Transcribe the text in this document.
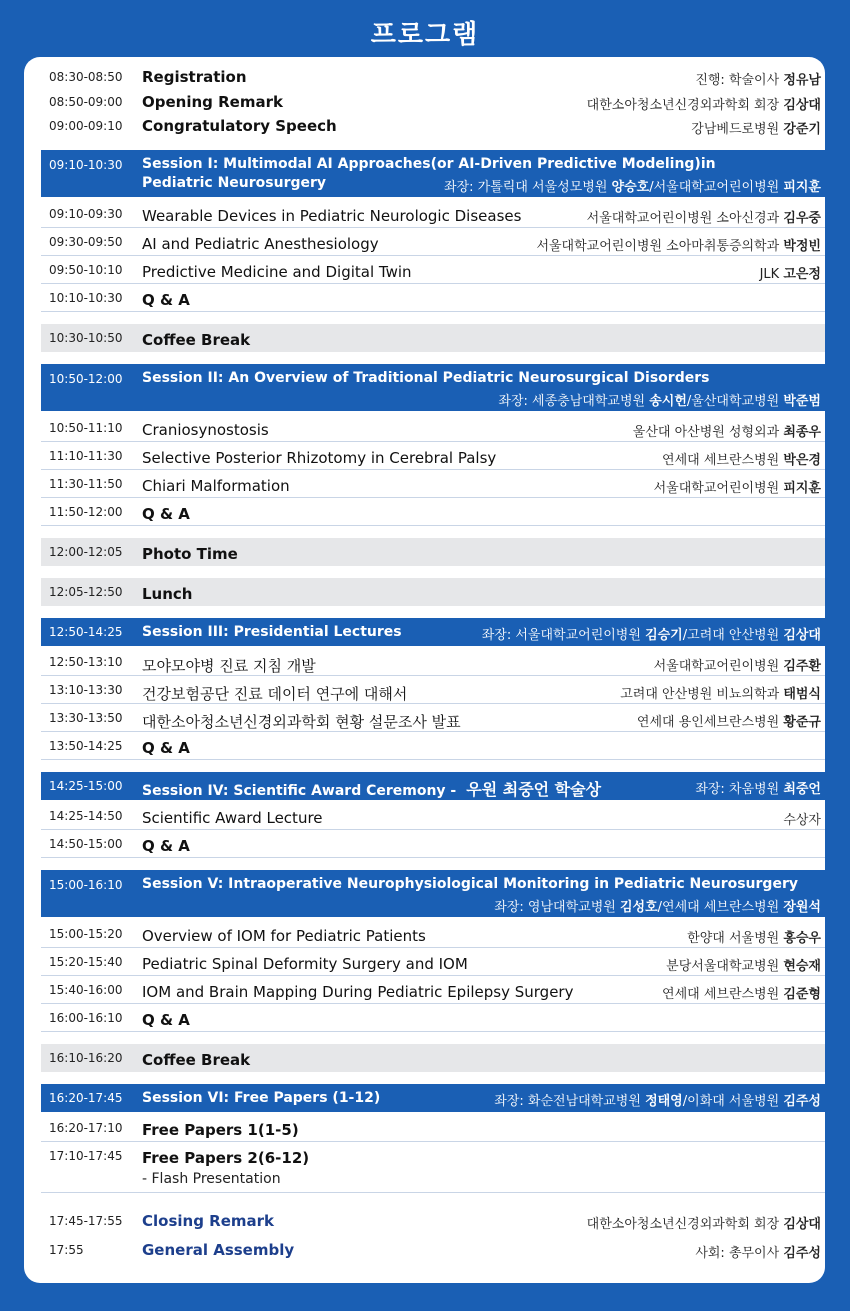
프로그램
08:30-08:50 Registration	진행: 학술이사 정유남
08:50-09:00 Opening Remark	대한소아청소년신경외과학회 회장 김상대
09:00-09:10 Congratulatory Speech	강남베드로병원 강준기
09:10-10:30 Session I: Multimodal AI Approaches(or AI-Driven Predictive Modeling)in
Pediatric Neurosurgery	좌장: 가톨릭대 서울성모병원 양승호/서울대학교어린이병원 피지훈
09:10-09:30 Wearable Devices in Pediatric Neurologic Diseases	서울대학교어린이병원 소아신경과 김우중
09:30-09:50 AI and Pediatric Anesthesiology	서울대학교어린이병원 소아마취통증의학과 박정빈
09:50-10:10 Predictive Medicine and Digital Twin	JLK 고은정
10:10-10:30 Q & A
10:30-10:50 Coffee Break
10:50-12:00 Session II: An Overview of Traditional Pediatric Neurosurgical Disorders
좌장: 세종충남대학교병원 송시헌/울산대학교병원 박준범
10:50-11:10 Craniosynostosis	울산대 아산병원 성형외과 최종우
11:10-11:30 Selective Posterior Rhizotomy in Cerebral Palsy	연세대 세브란스병원 박은경
11:30-11:50 Chiari Malformation	서울대학교어린이병원 피지훈
11:50-12:00 Q & A
12:00-12:05 Photo Time
12:05-12:50 Lunch
12:50-14:25 Session III: Presidential Lectures	좌장: 서울대학교어린이병원 김승기/고려대 안산병원 김상대
12:50-13:10 모야모야병 진료 지침 개발	서울대학교어린이병원 김주환
13:10-13:30 건강보험공단 진료 데이터 연구에 대해서	고려대 안산병원 비뇨의학과 태범식
13:30-13:50 대한소아청소년신경외과학회 현황 설문조사 발표	연세대 용인세브란스병원 황준규
13:50-14:25 Q & A
14:25-15:00 Session IV: Scientific Award Ceremony - 우원 최중언 학술상	좌장: 차움병원 최중언
14:25-14:50 Scientific Award Lecture	수상자
14:50-15:00 Q & A
15:00-16:10 Session V: Intraoperative Neurophysiological Monitoring in Pediatric Neurosurgery
좌장: 영남대학교병원 김성호/연세대 세브란스병원 장원석
15:00-15:20 Overview of IOM for Pediatric Patients	한양대 서울병원 홍승우
15:20-15:40 Pediatric Spinal Deformity Surgery and IOM	분당서울대학교병원 현승재
15:40-16:00 IOM and Brain Mapping During Pediatric Epilepsy Surgery	연세대 세브란스병원 김준형
16:00-16:10 Q & A
16:10-16:20 Coffee Break
16:20-17:45 Session VI: Free Papers (1-12)	좌장: 화순전남대학교병원 정태영/이화대 서울병원 김주성
16:20-17:10 Free Papers 1(1-5)
17:10-17:45 Free Papers 2(6-12)
- Flash Presentation
17:45-17:55 Closing Remark	대한소아청소년신경외과학회 회장 김상대
17:55	General Assembly	사회: 총무이사 김주성
